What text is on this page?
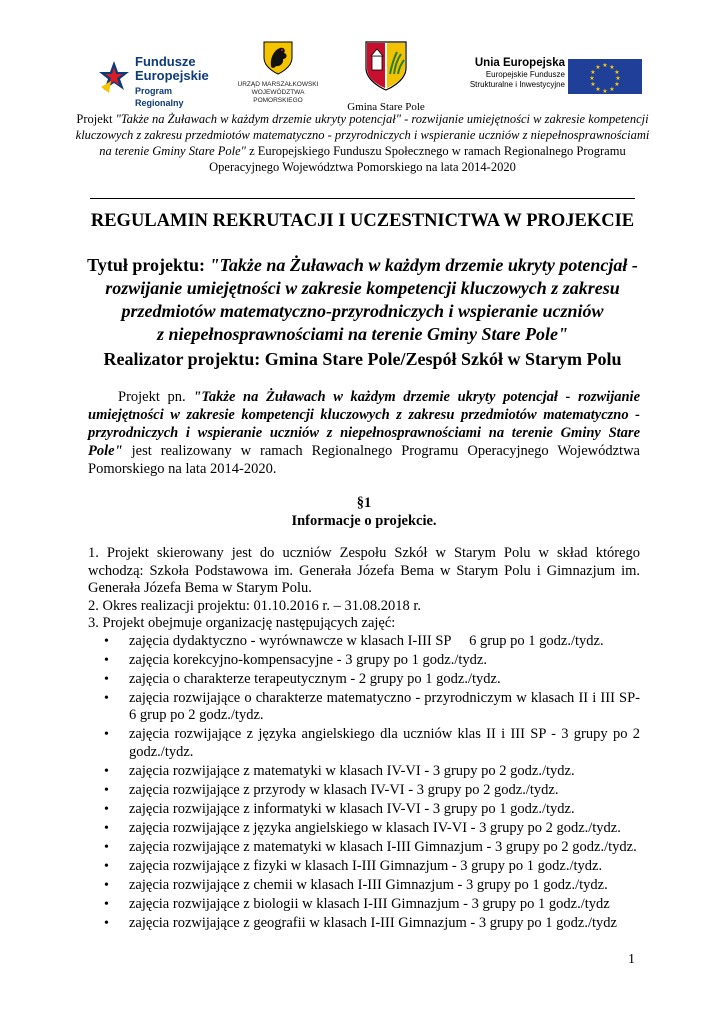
Fundusze
Europejskie
Program Regionalny
URZĄD MARSZAŁKOWSKI
WOJEWÓDZTWA POMORSKIEGO
Gmina Stare Pole
Unia Europejska
Europejskie Fundusze
Strukturalne i Inwestycyjne
★ ★
★
★
★
★
★
★
★
★
★
★
Projekt "Także na Żuławach w każdym drzemie ukryty potencjał" - rozwijanie umiejętności w zakresie kompetencji kluczowych z zakresu przedmiotów matematyczno - przyrodniczych i wspieranie uczniów z niepełnosprawnościami na terenie Gminy Stare Pole" z Europejskiego Funduszu Społecznego w ramach Regionalnego Programu Operacyjnego Województwa Pomorskiego na lata 2014-2020
REGULAMIN REKRUTACJI I UCZESTNICTWA W PROJEKCIE
Tytuł projektu: "Także na Żuławach w każdym drzemie ukryty potencjał -
rozwijanie umiejętności w zakresie kompetencji kluczowych z zakresu
przedmiotów matematyczno-przyrodniczych i wspieranie uczniów
z niepełnosprawnościami na terenie Gminy Stare Pole"
Realizator projektu: Gmina Stare Pole/Zespół Szkół w Starym Polu
Projekt pn. "Także na Żuławach w każdym drzemie ukryty potencjał - rozwijanie umiejętności w zakresie kompetencji kluczowych z zakresu przedmiotów matematyczno - przyrodniczych i wspieranie uczniów z niepełnosprawnościami na terenie Gminy Stare Pole" jest realizowany w ramach Regionalnego Programu Operacyjnego Województwa Pomorskiego na lata 2014-2020.
§1
Informacje o projekcie.

1. Projekt skierowany jest do uczniów Zespołu Szkół w Starym Polu w skład którego wchodzą: Szkoła Podstawowa im. Generała Józefa Bema w Starym Polu i Gimnazjum im. Generała Józefa Bema w Starym Polu.

2. Okres realizacji projektu: 01.10.2016 r. – 31.08.2018 r.

3. Projekt obejmuje organizację następujących zajęć:

• zajęcia dydaktyczno - wyrównawcze w klasach I-III SP     6 grup po 1 godz./tydz.
• zajęcia korekcyjno-kompensacyjne - 3 grupy po 1 godz./tydz.
• zajęcia o charakterze terapeutycznym - 2 grupy po 1 godz./tydz.
• zajęcia rozwijające o charakterze matematyczno - przyrodniczym w klasach II i III SP- 6 grup po 2 godz./tydz.
• zajęcia rozwijające z języka angielskiego dla uczniów klas II i III SP - 3 grupy po 2 godz./tydz.
• zajęcia rozwijające z matematyki w klasach IV-VI - 3 grupy po 2 godz./tydz.
• zajęcia rozwijające z przyrody w klasach IV-VI - 3 grupy po 2 godz./tydz.
• zajęcia rozwijające z informatyki w klasach IV-VI - 3 grupy po 1 godz./tydz.
• zajęcia rozwijające z języka angielskiego w klasach IV-VI - 3 grupy po 2 godz./tydz.
• zajęcia rozwijające z matematyki w klasach I-III Gimnazjum - 3 grupy po 2 godz./tydz.
• zajęcia rozwijające z fizyki w klasach I-III Gimnazjum - 3 grupy po 1 godz./tydz.
• zajęcia rozwijające z chemii w klasach I-III Gimnazjum - 3 grupy po 1 godz./tydz.
• zajęcia rozwijające z biologii w klasach I-III Gimnazjum - 3 grupy po 1 godz./tydz
• zajęcia rozwijające z geografii w klasach I-III Gimnazjum - 3 grupy po 1 godz./tydz
1
